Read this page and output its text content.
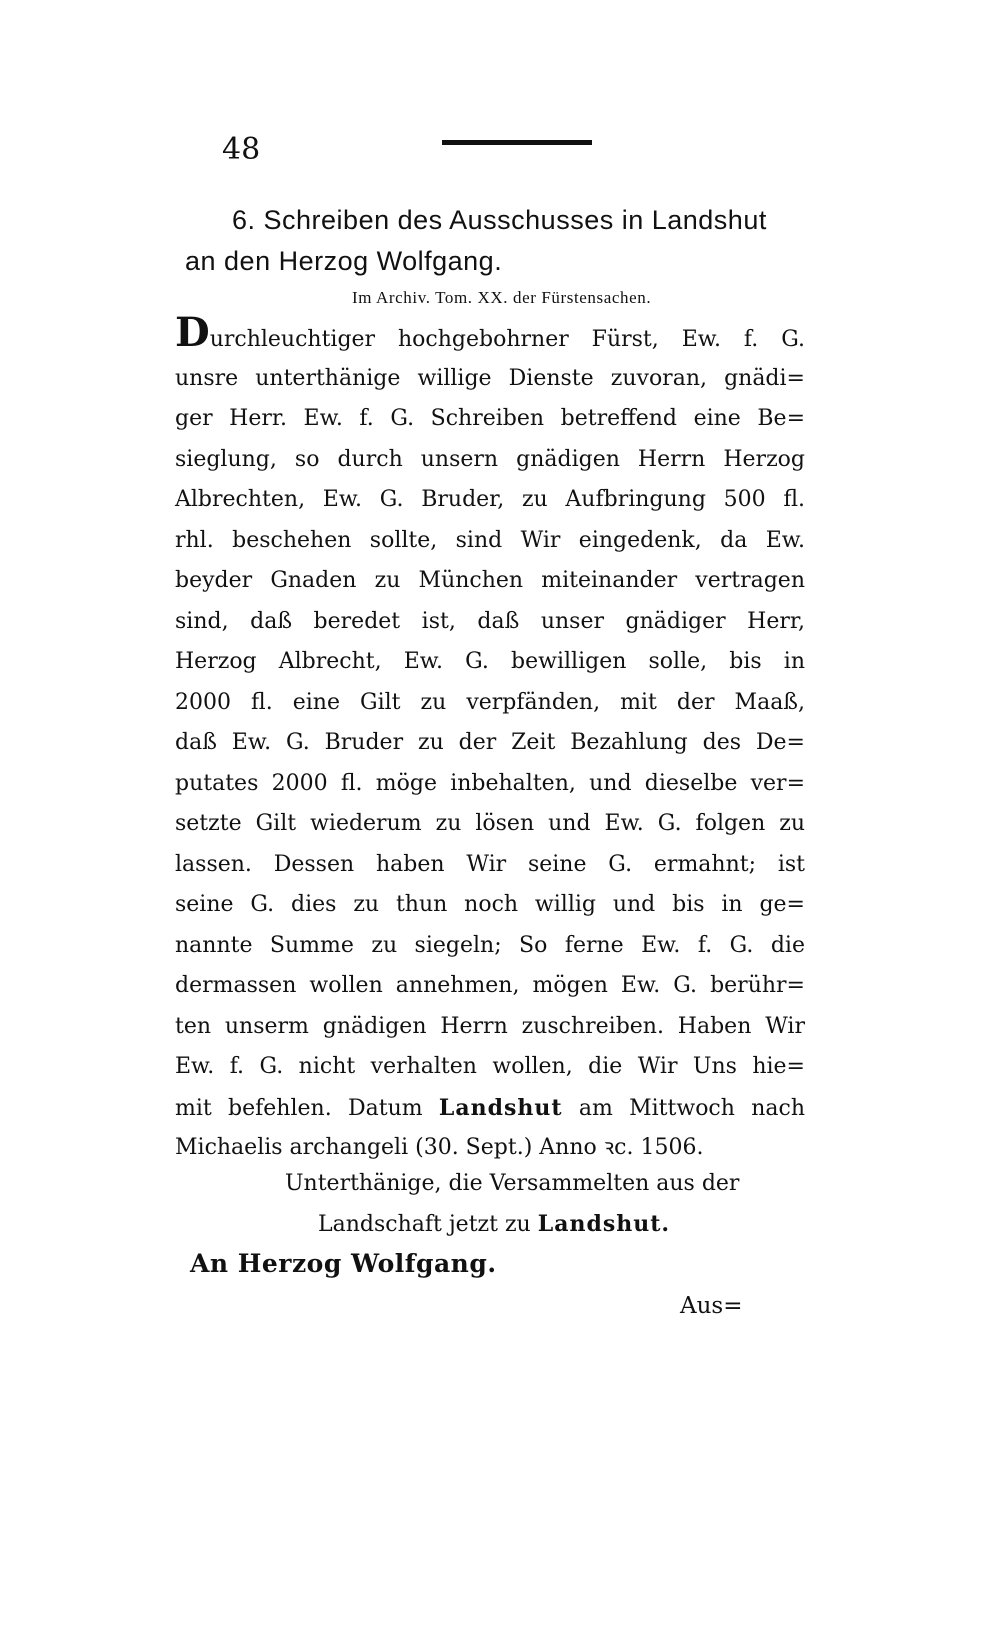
48
6. Schreiben des Ausschusses in Landshut
an den Herzog Wolfgang.
Im Archiv. Tom. XX. der Fürstensachen.
Durchleuchtiger hochgebohrner Fürst, Ew. f. G.
unsre unterthänige willige Dienste zuvoran, gnädi=
ger Herr. Ew. f. G. Schreiben betreffend eine Be=
sieglung, so durch unsern gnädigen Herrn Herzog
Albrechten, Ew. G. Bruder, zu Aufbringung 500 fl.
rhl. beschehen sollte, sind Wir eingedenk, da Ew.
beyder Gnaden zu München miteinander vertragen
sind, daß beredet ist, daß unser gnädiger Herr,
Herzog Albrecht, Ew. G. bewilligen solle, bis in
2000 fl. eine Gilt zu verpfänden, mit der Maaß,
daß Ew. G. Bruder zu der Zeit Bezahlung des De=
putates 2000 fl. möge inbehalten, und dieselbe ver=
setzte Gilt wiederum zu lösen und Ew. G. folgen zu
lassen. Dessen haben Wir seine G. ermahnt; ist
seine G. dies zu thun noch willig und bis in ge=
nannte Summe zu siegeln; So ferne Ew. f. G. die
dermassen wollen annehmen, mögen Ew. G. berühr=
ten unserm gnädigen Herrn zuschreiben. Haben Wir
Ew. f. G. nicht verhalten wollen, die Wir Uns hie=
mit befehlen. Datum Landshut am Mittwoch nach
Michaelis archangeli (30. Sept.) Anno ꝛc. 1506.
Unterthänige, die Versammelten aus der
Landschaft jetzt zu Landshut.
An Herzog Wolfgang.
Aus=
